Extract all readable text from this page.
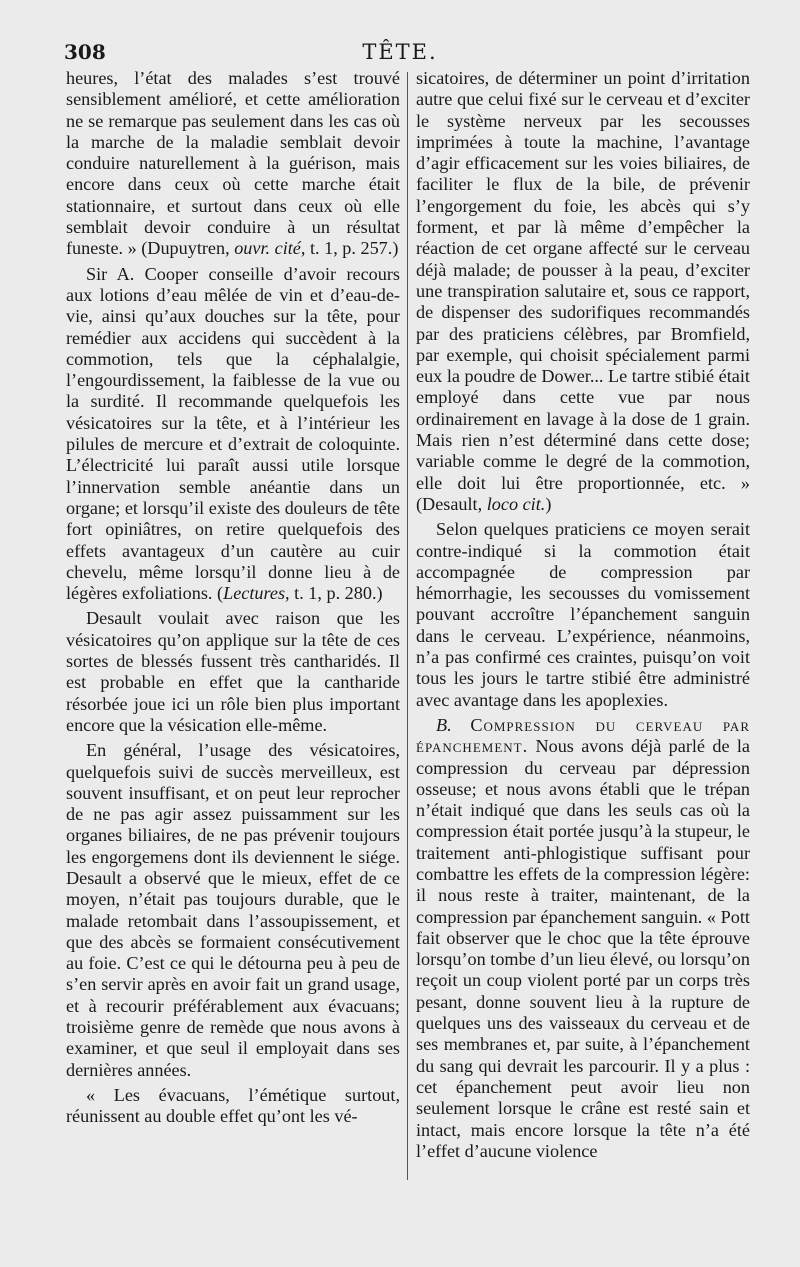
308	TÊTE.

heures, l’état des malades s’est trouvé sensiblement amélioré, et cette amélioration ne se remarque pas seulement dans les cas où la marche de la maladie semblait devoir conduire naturellement à la guérison, mais encore dans ceux où cette marche était stationnaire, et surtout dans ceux où elle semblait devoir conduire à un résultat funeste. » (Dupuytren, ouvr. cité, t. 1, p. 257.)

Sir A. Cooper conseille d’avoir recours aux lotions d’eau mêlée de vin et d’eau-de-vie, ainsi qu’aux douches sur la tête, pour remédier aux accidens qui succèdent à la commotion, tels que la céphalalgie, l’engourdissement, la faiblesse de la vue ou la surdité. Il recommande quelquefois les vésicatoires sur la tête, et à l’intérieur les pilules de mercure et d’extrait de coloquinte. L’électricité lui paraît aussi utile lorsque l’innervation semble anéantie dans un organe; et lorsqu’il existe des douleurs de tête fort opiniâtres, on retire quelquefois des effets avantageux d’un cautère au cuir chevelu, même lorsqu’il donne lieu à de légères exfoliations. (Lectures, t. 1, p. 280.)

Desault voulait avec raison que les vésicatoires qu’on applique sur la tête de ces sortes de blessés fussent très cantharidés. Il est probable en effet que la cantharide résorbée joue ici un rôle bien plus important encore que la vésication elle-même.

En général, l’usage des vésicatoires, quelquefois suivi de succès merveilleux, est souvent insuffisant, et on peut leur reprocher de ne pas agir assez puissamment sur les organes biliaires, de ne pas prévenir toujours les engorgemens dont ils deviennent le siége. Desault a observé que le mieux, effet de ce moyen, n’était pas toujours durable, que le malade retombait dans l’assoupissement, et que des abcès se formaient consécutivement au foie. C’est ce qui le détourna peu à peu de s’en servir après en avoir fait un grand usage, et à recourir préférablement aux évacuans; troisième genre de remède que nous avons à examiner, et que seul il employait dans ses dernières années.

« Les évacuans, l’émétique surtout, réunissent au double effet qu’ont les vé-

sicatoires, de déterminer un point d’irritation autre que celui fixé sur le cerveau et d’exciter le système nerveux par les secousses imprimées à toute la machine, l’avantage d’agir efficacement sur les voies biliaires, de faciliter le flux de la bile, de prévenir l’engorgement du foie, les abcès qui s’y forment, et par là même d’empêcher la réaction de cet organe affecté sur le cerveau déjà malade; de pousser à la peau, d’exciter une transpiration salutaire et, sous ce rapport, de dispenser des sudorifiques recommandés par des praticiens célèbres, par Bromfield, par exemple, qui choisit spécialement parmi eux la poudre de Dower... Le tartre stibié était employé dans cette vue par nous ordinairement en lavage à la dose de 1 grain. Mais rien n’est déterminé dans cette dose; variable comme le degré de la commotion, elle doit lui être proportionnée, etc. » (Desault, loco cit.)

Selon quelques praticiens ce moyen serait contre-indiqué si la commotion était accompagnée de compression par hémorrhagie, les secousses du vomissement pouvant accroître l’épanchement sanguin dans le cerveau. L’expérience, néanmoins, n’a pas confirmé ces craintes, puisqu’on voit tous les jours le tartre stibié être administré avec avantage dans les apoplexies.

B. Compression du cerveau par épanchement. Nous avons déjà parlé de la compression du cerveau par dépression osseuse; et nous avons établi que le trépan n’était indiqué que dans les seuls cas où la compression était portée jusqu’à la stupeur, le traitement anti-phlogistique suffisant pour combattre les effets de la compression légère: il nous reste à traiter, maintenant, de la compression par épanchement sanguin. « Pott fait observer que le choc que la tête éprouve lorsqu’on tombe d’un lieu élevé, ou lorsqu’on reçoit un coup violent porté par un corps très pesant, donne souvent lieu à la rupture de quelques uns des vaisseaux du cerveau et de ses membranes et, par suite, à l’épanchement du sang qui devrait les parcourir. Il y a plus : cet épanchement peut avoir lieu non seulement lorsque le crâne est resté sain et intact, mais encore lorsque la tête n’a été l’effet d’aucune violence
